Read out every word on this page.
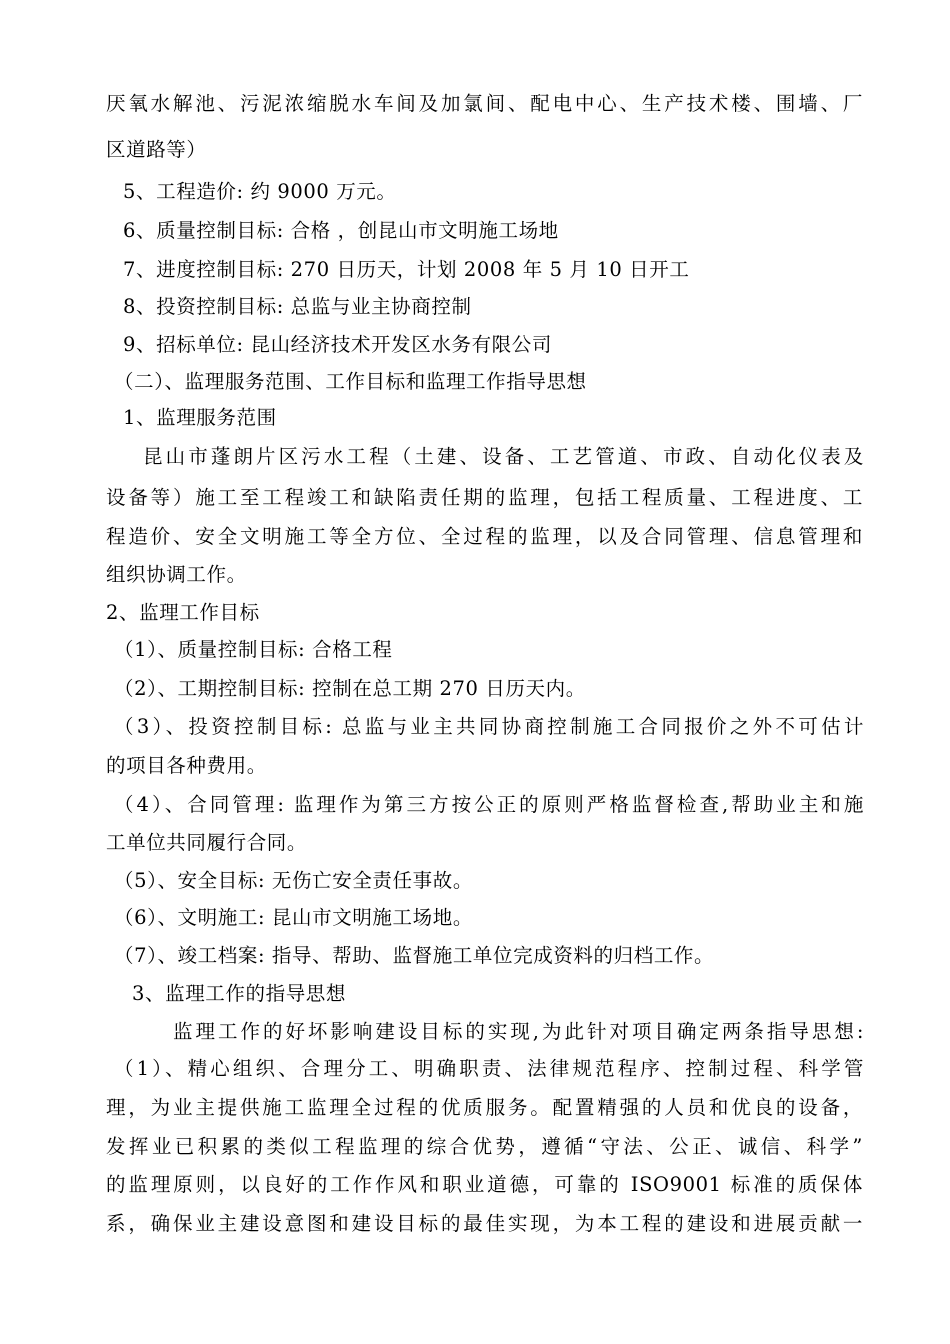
厌氧水解池、污泥浓缩脱水车间及加氯间、配电中心、生产技术楼、围墙、厂
区道路等）
5、工程造价: 约 9000 万元。
6、质量控制目标: 合格 ，创昆山市文明施工场地
7、进度控制目标: 270 日历天，计划 2008 年 5 月 10 日开工
8、投资控制目标: 总监与业主协商控制
9、招标单位: 昆山经济技术开发区水务有限公司
（二）、监理服务范围、工作目标和监理工作指导思想
1、监理服务范围
昆山市蓬朗片区污水工程（土建、设备、工艺管道、市政、自动化仪表及
设备等）施工至工程竣工和缺陷责任期的监理，包括工程质量、工程进度、工
程造价、安全文明施工等全方位、全过程的监理，以及合同管理、信息管理和
组织协调工作。
2、监理工作目标
（1）、质量控制目标: 合格工程
（2）、工期控制目标: 控制在总工期 270 日历天内。
（3）、投资控制目标: 总监与业主共同协商控制施工合同报价之外不可估计
的项目各种费用。
（4）、合同管理: 监理作为第三方按公正的原则严格监督检查,帮助业主和施
工单位共同履行合同。
（5）、安全目标: 无伤亡安全责任事故。
（6）、文明施工: 昆山市文明施工场地。
（7）、竣工档案: 指导、帮助、监督施工单位完成资料的归档工作。
3、监理工作的指导思想
监理工作的好坏影响建设目标的实现,为此针对项目确定两条指导思想:
（1）、精心组织、合理分工、明确职责、法律规范程序、控制过程、科学管
理，为业主提供施工监理全过程的优质服务。配置精强的人员和优良的设备，
发挥业已积累的类似工程监理的综合优势，遵循“守法、公正、诚信、科学”
的监理原则，以良好的工作作风和职业道德，可靠的 ISO9001 标准的质保体
系，确保业主建设意图和建设目标的最佳实现，为本工程的建设和进展贡献一
